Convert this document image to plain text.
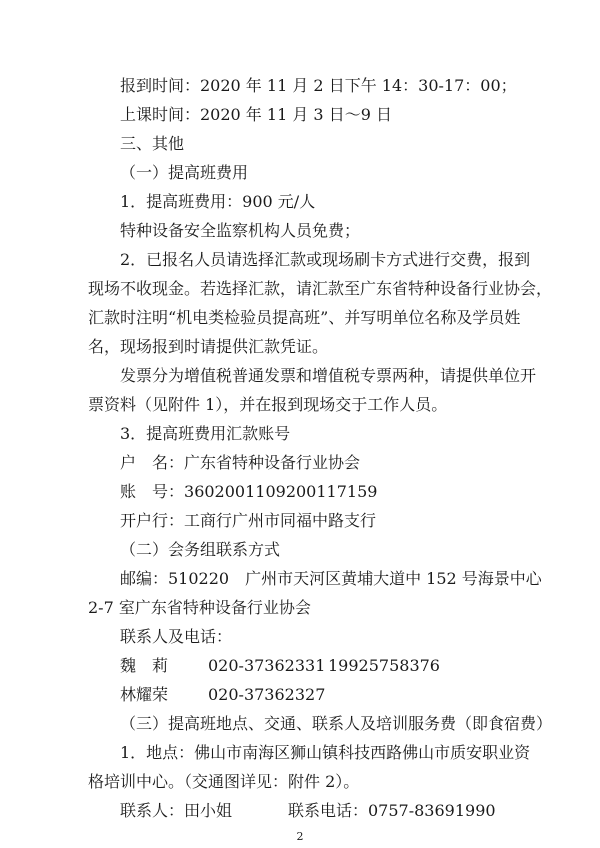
报到时间：2020 年 11 月 2 日下午 14：30-17：00；
上课时间：2020 年 11 月 3 日～9 日
三、其他
（一）提高班费用
1．提高班费用：900 元/人
特种设备安全监察机构人员免费；
2．已报名人员请选择汇款或现场刷卡方式进行交费，报到
现场不收现金。若选择汇款，请汇款至广东省特种设备行业协会，
汇款时注明“机电类检验员提高班”、并写明单位名称及学员姓
名，现场报到时请提供汇款凭证。
发票分为增值税普通发票和增值税专票两种，请提供单位开
票资料（见附件 1），并在报到现场交于工作人员。
3．提高班费用汇款账号
户　名：广东省特种设备行业协会
账　号：3602001109200117159
开户行：工商行广州市同福中路支行
（二）会务组联系方式
邮编：510220　广州市天河区黄埔大道中 152 号海景中心
2-7 室广东省特种设备行业协会
联系人及电话：
魏　莉 020-37362331 19925758376
林耀荣 020-37362327
（三）提高班地点、交通、联系人及培训服务费（即食宿费）
1．地点：佛山市南海区狮山镇科技西路佛山市质安职业资
格培训中心。（交通图详见：附件 2）。
联系人：田小姐	联系电话：0757-83691990
2
